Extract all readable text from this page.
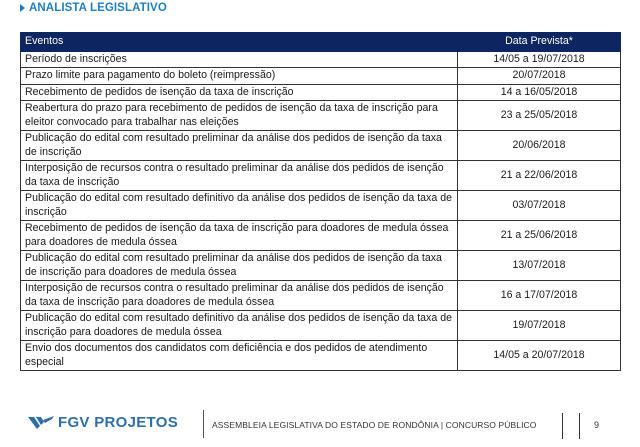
ANALISTA LEGISLATIVO
Eventos	Data Prevista*
Período de inscrições	14/05 a 19/07/2018
Prazo limite para pagamento do boleto (reimpressão)	20/07/2018
Recebimento de pedidos de isenção da taxa de inscrição	14 a 16/05/2018
Reabertura do prazo para recebimento de pedidos de isenção da taxa de inscrição para eleitor convocado para trabalhar nas eleições	23 a 25/05/2018
Publicação do edital com resultado preliminar da análise dos pedidos de isenção da taxa de inscrição	20/06/2018
Interposição de recursos contra o resultado preliminar da análise dos pedidos de isenção da taxa de inscrição	21 a 22/06/2018
Publicação do edital com resultado definitivo da análise dos pedidos de isenção da taxa de inscrição	03/07/2018
Recebimento de pedidos de isenção da taxa de inscrição para doadores de medula óssea para doadores de medula óssea	21 a 25/06/2018
Publicação do edital com resultado preliminar da análise dos pedidos de isenção da taxa de inscrição para doadores de medula óssea	13/07/2018
Interposição de recursos contra o resultado preliminar da análise dos pedidos de isenção da taxa de inscrição para doadores de medula óssea	16 a 17/07/2018
Publicação do edital com resultado definitivo da análise dos pedidos de isenção da taxa de inscrição para doadores de medula óssea	19/07/2018
Envio dos documentos dos candidatos com deficiência e dos pedidos de atendimento especial	14/05 a 20/07/2018
FGV PROJETOS	ASSEMBLEIA LEGISLATIVA DO ESTADO DE RONDÔNIA | CONCURSO PÚBLICO	9
